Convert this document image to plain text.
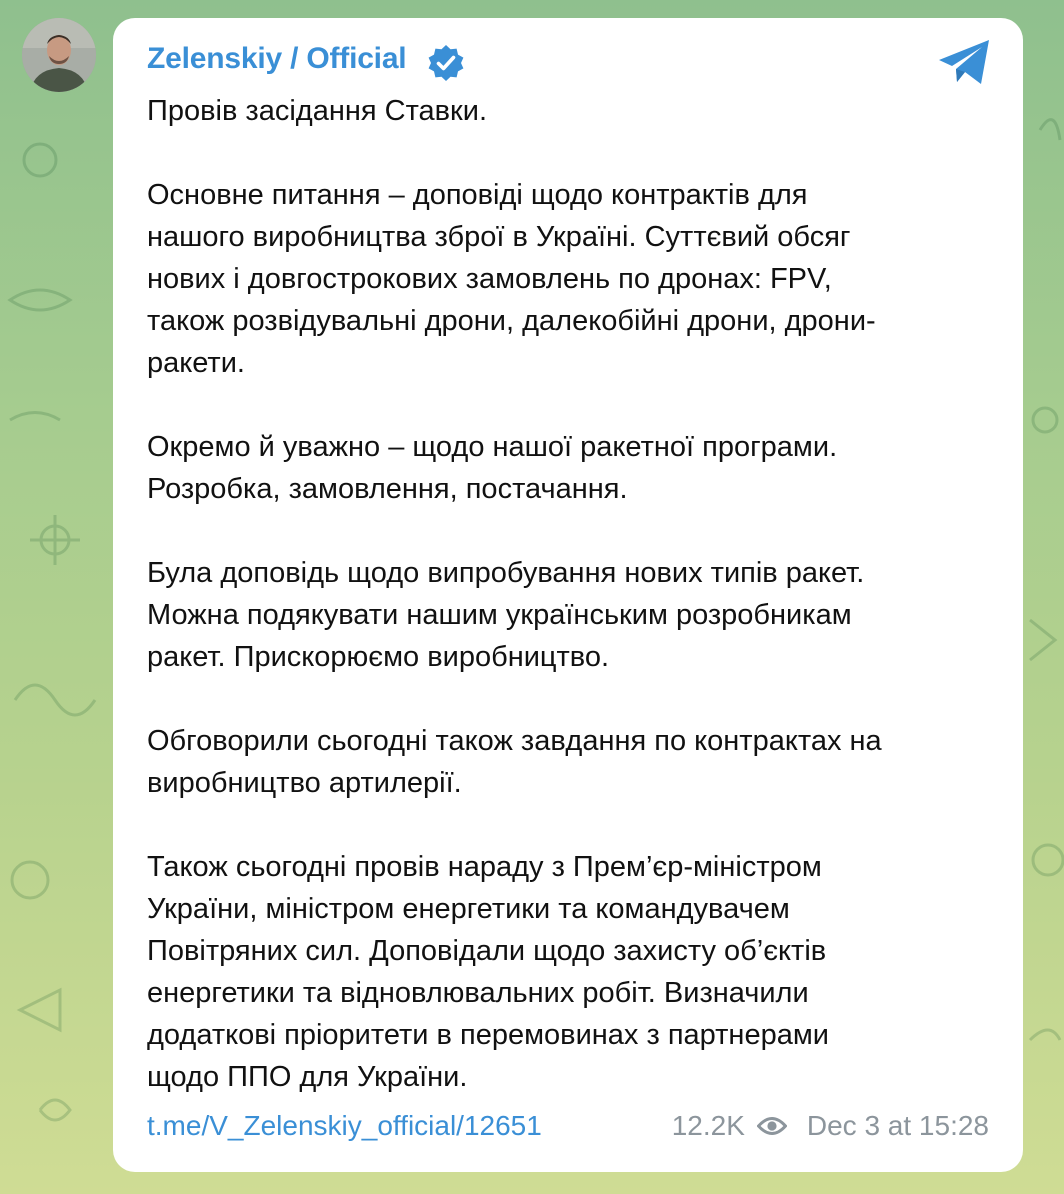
Zelenskiy / Official

Провів засідання Ставки.

Основне питання – доповіді щодо контрактів для

нашого виробництва зброї в Україні. Суттєвий обсяг

нових і довгострокових замовлень по дронах: FPV,

також розвідувальні дрони, далекобійні дрони, дрони-

ракети.

Окремо й уважно – щодо нашої ракетної програми.

Розробка, замовлення, постачання.

Була доповідь щодо випробування нових типів ракет.

Можна подякувати нашим українським розробникам

ракет. Прискорюємо виробництво.

Обговорили сьогодні також завдання по контрактах на

виробництво артилерії.

Також сьогодні провів нараду з Прем’єр-міністром

України, міністром енергетики та командувачем

Повітряних сил. Доповідали щодо захисту об’єктів

енергетики та відновлювальних робіт. Визначили

додаткові пріоритети в перемовинах з партнерами

щодо ППО для України.

t.me/V_Zelenskiy_official/12651	12.2K Dec 3 at 15:28
